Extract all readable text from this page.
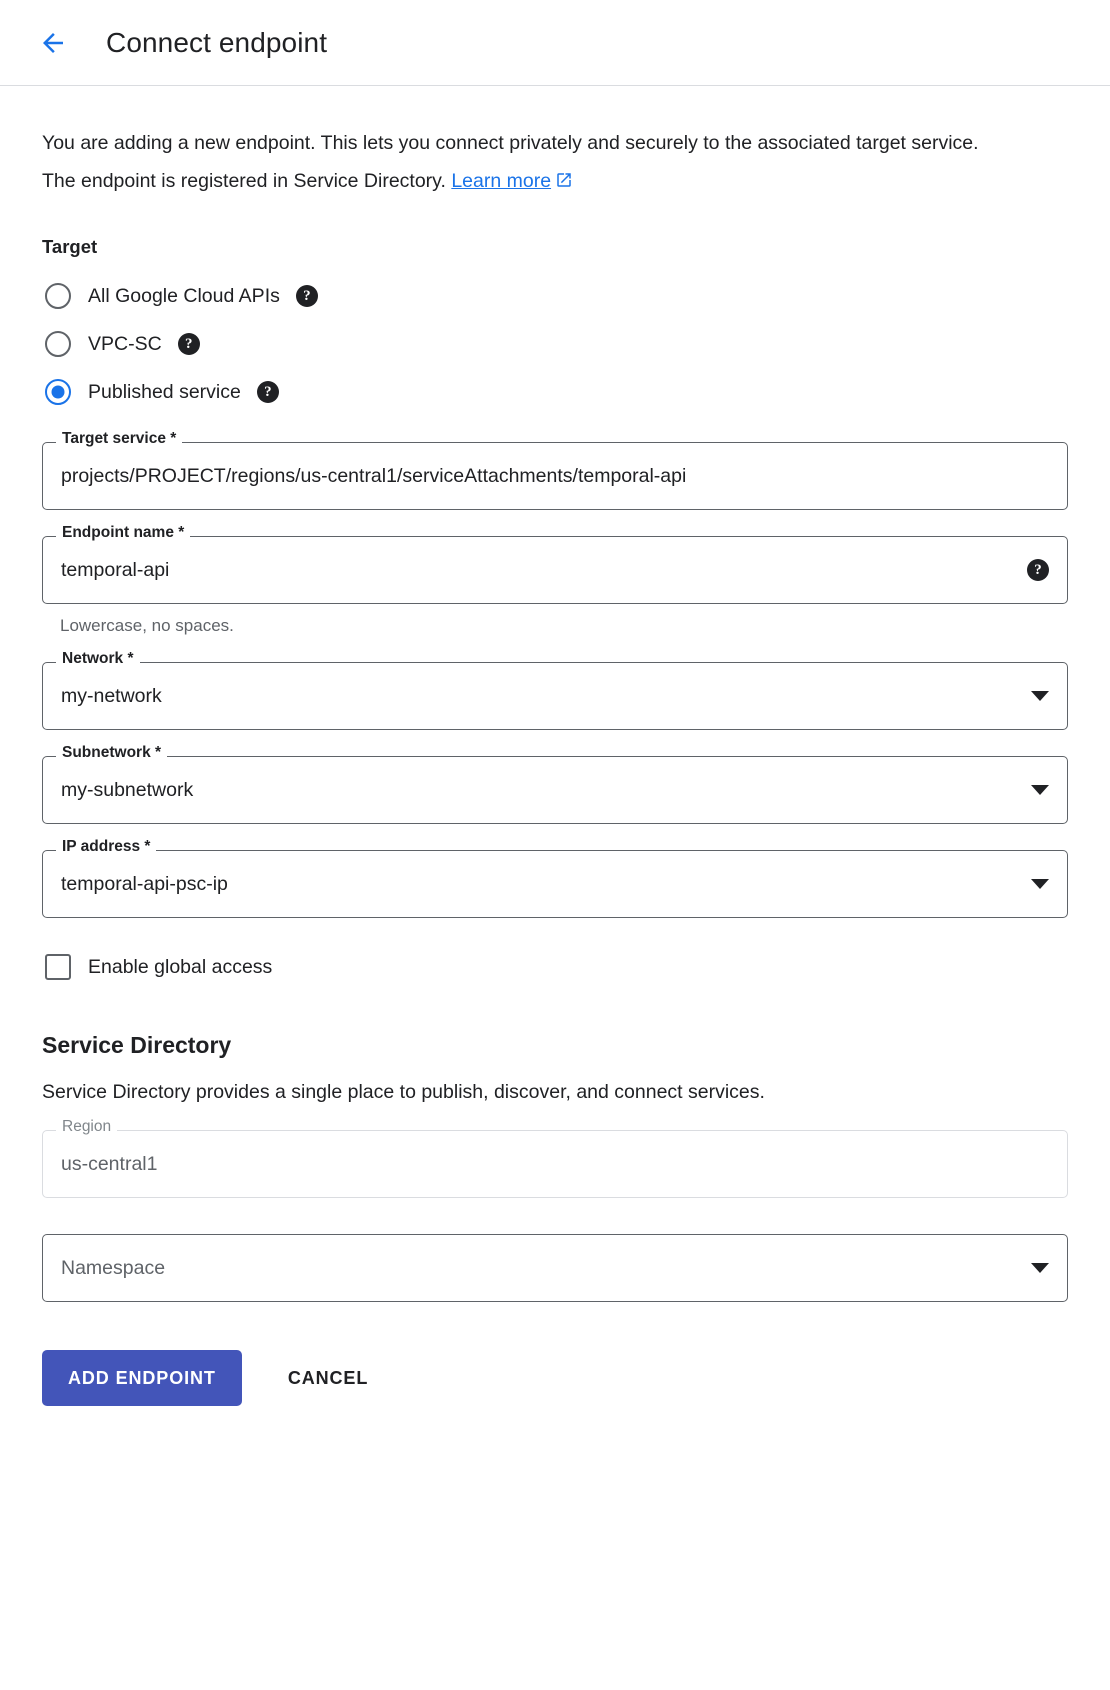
Connect endpoint

You are adding a new endpoint. This lets you connect privately and securely to the associated target service. The endpoint is registered in Service Directory. Learn more

Target
All Google Cloud APIs	?
VPC-SC	?
Published service	?
Target service *
projects/PROJECT/regions/us-central1/serviceAttachments/temporal-api
Endpoint name *
temporal-api	?
Lowercase, no spaces.
Network *
my-network
Subnetwork *
my-subnetwork
IP address *
temporal-api-psc-ip
Enable global access
Service Directory

Service Directory provides a single place to publish, discover, and connect services.

Region
us-central1
Namespace
ADD ENDPOINT	CANCEL
